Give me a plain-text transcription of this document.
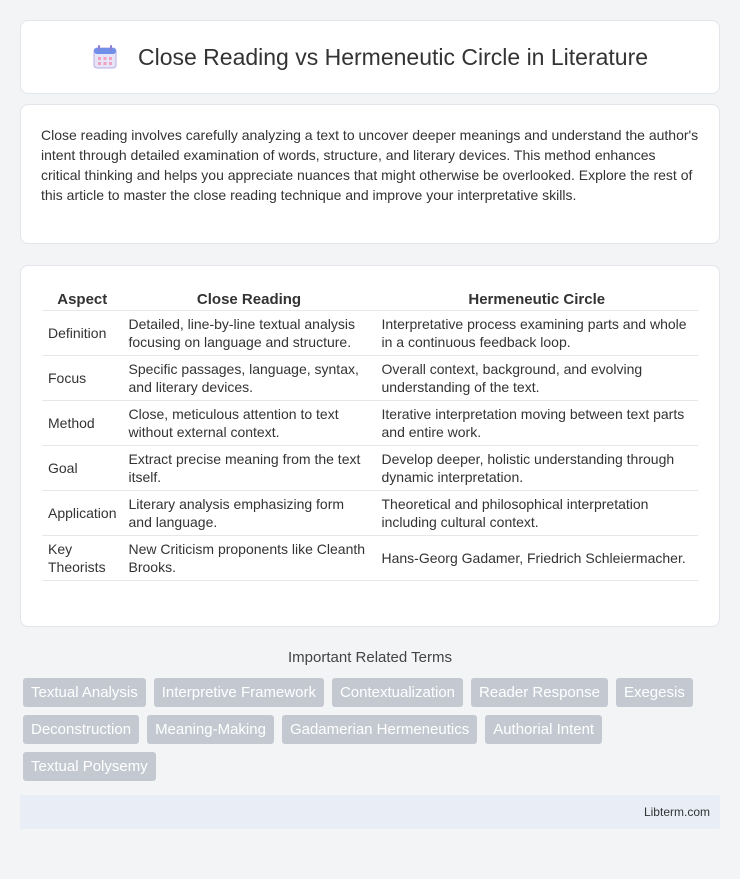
Close Reading vs Hermeneutic Circle in Literature
Close reading involves carefully analyzing a text to uncover deeper meanings and understand the author's intent through detailed examination of words, structure, and literary devices. This method enhances critical thinking and helps you appreciate nuances that might otherwise be overlooked. Explore the rest of this article to master the close reading technique and improve your interpretative skills.
Aspect	Close Reading	Hermeneutic Circle
Definition	Detailed, line-by-line textual analysis focusing on language and structure.	Interpretative process examining parts and whole in a continuous feedback loop.
Focus	Specific passages, language, syntax, and literary devices.	Overall context, background, and evolving understanding of the text.
Method	Close, meticulous attention to text without external context.	Iterative interpretation moving between text parts and entire work.
Goal	Extract precise meaning from the text itself.	Develop deeper, holistic understanding through dynamic interpretation.
Application	Literary analysis emphasizing form and language.	Theoretical and philosophical interpretation including cultural context.
Key Theorists	New Criticism proponents like Cleanth Brooks.	Hans-Georg Gadamer, Friedrich Schleiermacher.
Important Related Terms
Textual Analysis	Interpretive Framework	Contextualization	Reader Response	Exegesis
Deconstruction	Meaning-Making	Gadamerian Hermeneutics	Authorial Intent
Textual Polysemy
Libterm.com
